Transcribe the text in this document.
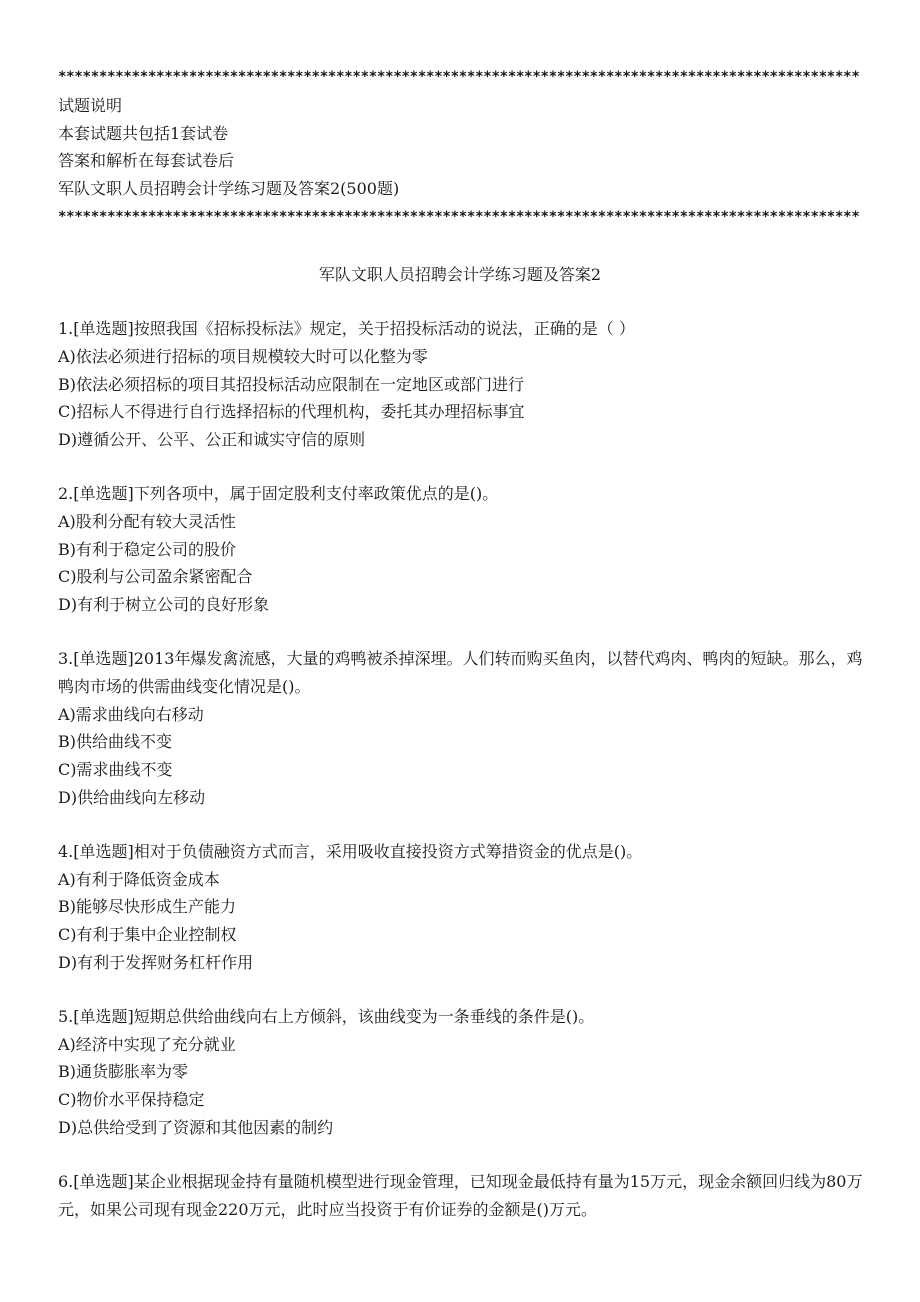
**************************************************************************************************
试题说明
本套试题共包括1套试卷
答案和解析在每套试卷后
军队文职人员招聘会计学练习题及答案2(500题)
**************************************************************************************************
军队文职人员招聘会计学练习题及答案2
1.[单选题]按照我国《招标投标法》规定，关于招投标活动的说法，正确的是（ ）
A)依法必须进行招标的项目规模较大时可以化整为零
B)依法必须招标的项目其招投标活动应限制在一定地区或部门进行
C)招标人不得进行自行选择招标的代理机构，委托其办理招标事宜
D)遵循公开、公平、公正和诚实守信的原则
2.[单选题]下列各项中，属于固定股利支付率政策优点的是()。
A)股利分配有较大灵活性
B)有利于稳定公司的股价
C)股利与公司盈余紧密配合
D)有利于树立公司的良好形象
3.[单选题]2013年爆发禽流感，大量的鸡鸭被杀掉深埋。人们转而购买鱼肉，以替代鸡肉、鸭肉的短缺。那么，鸡鸭肉市场的供需曲线变化情况是()。
A)需求曲线向右移动
B)供给曲线不变
C)需求曲线不变
D)供给曲线向左移动
4.[单选题]相对于负债融资方式而言，采用吸收直接投资方式筹措资金的优点是()。
A)有利于降低资金成本
B)能够尽快形成生产能力
C)有利于集中企业控制权
D)有利于发挥财务杠杆作用
5.[单选题]短期总供给曲线向右上方倾斜，该曲线变为一条垂线的条件是()。
A)经济中实现了充分就业
B)通货膨胀率为零
C)物价水平保持稳定
D)总供给受到了资源和其他因素的制约
6.[单选题]某企业根据现金持有量随机模型进行现金管理，已知现金最低持有量为15万元，现金余额回归线为80万元，如果公司现有现金220万元，此时应当投资于有价证券的金额是()万元。
